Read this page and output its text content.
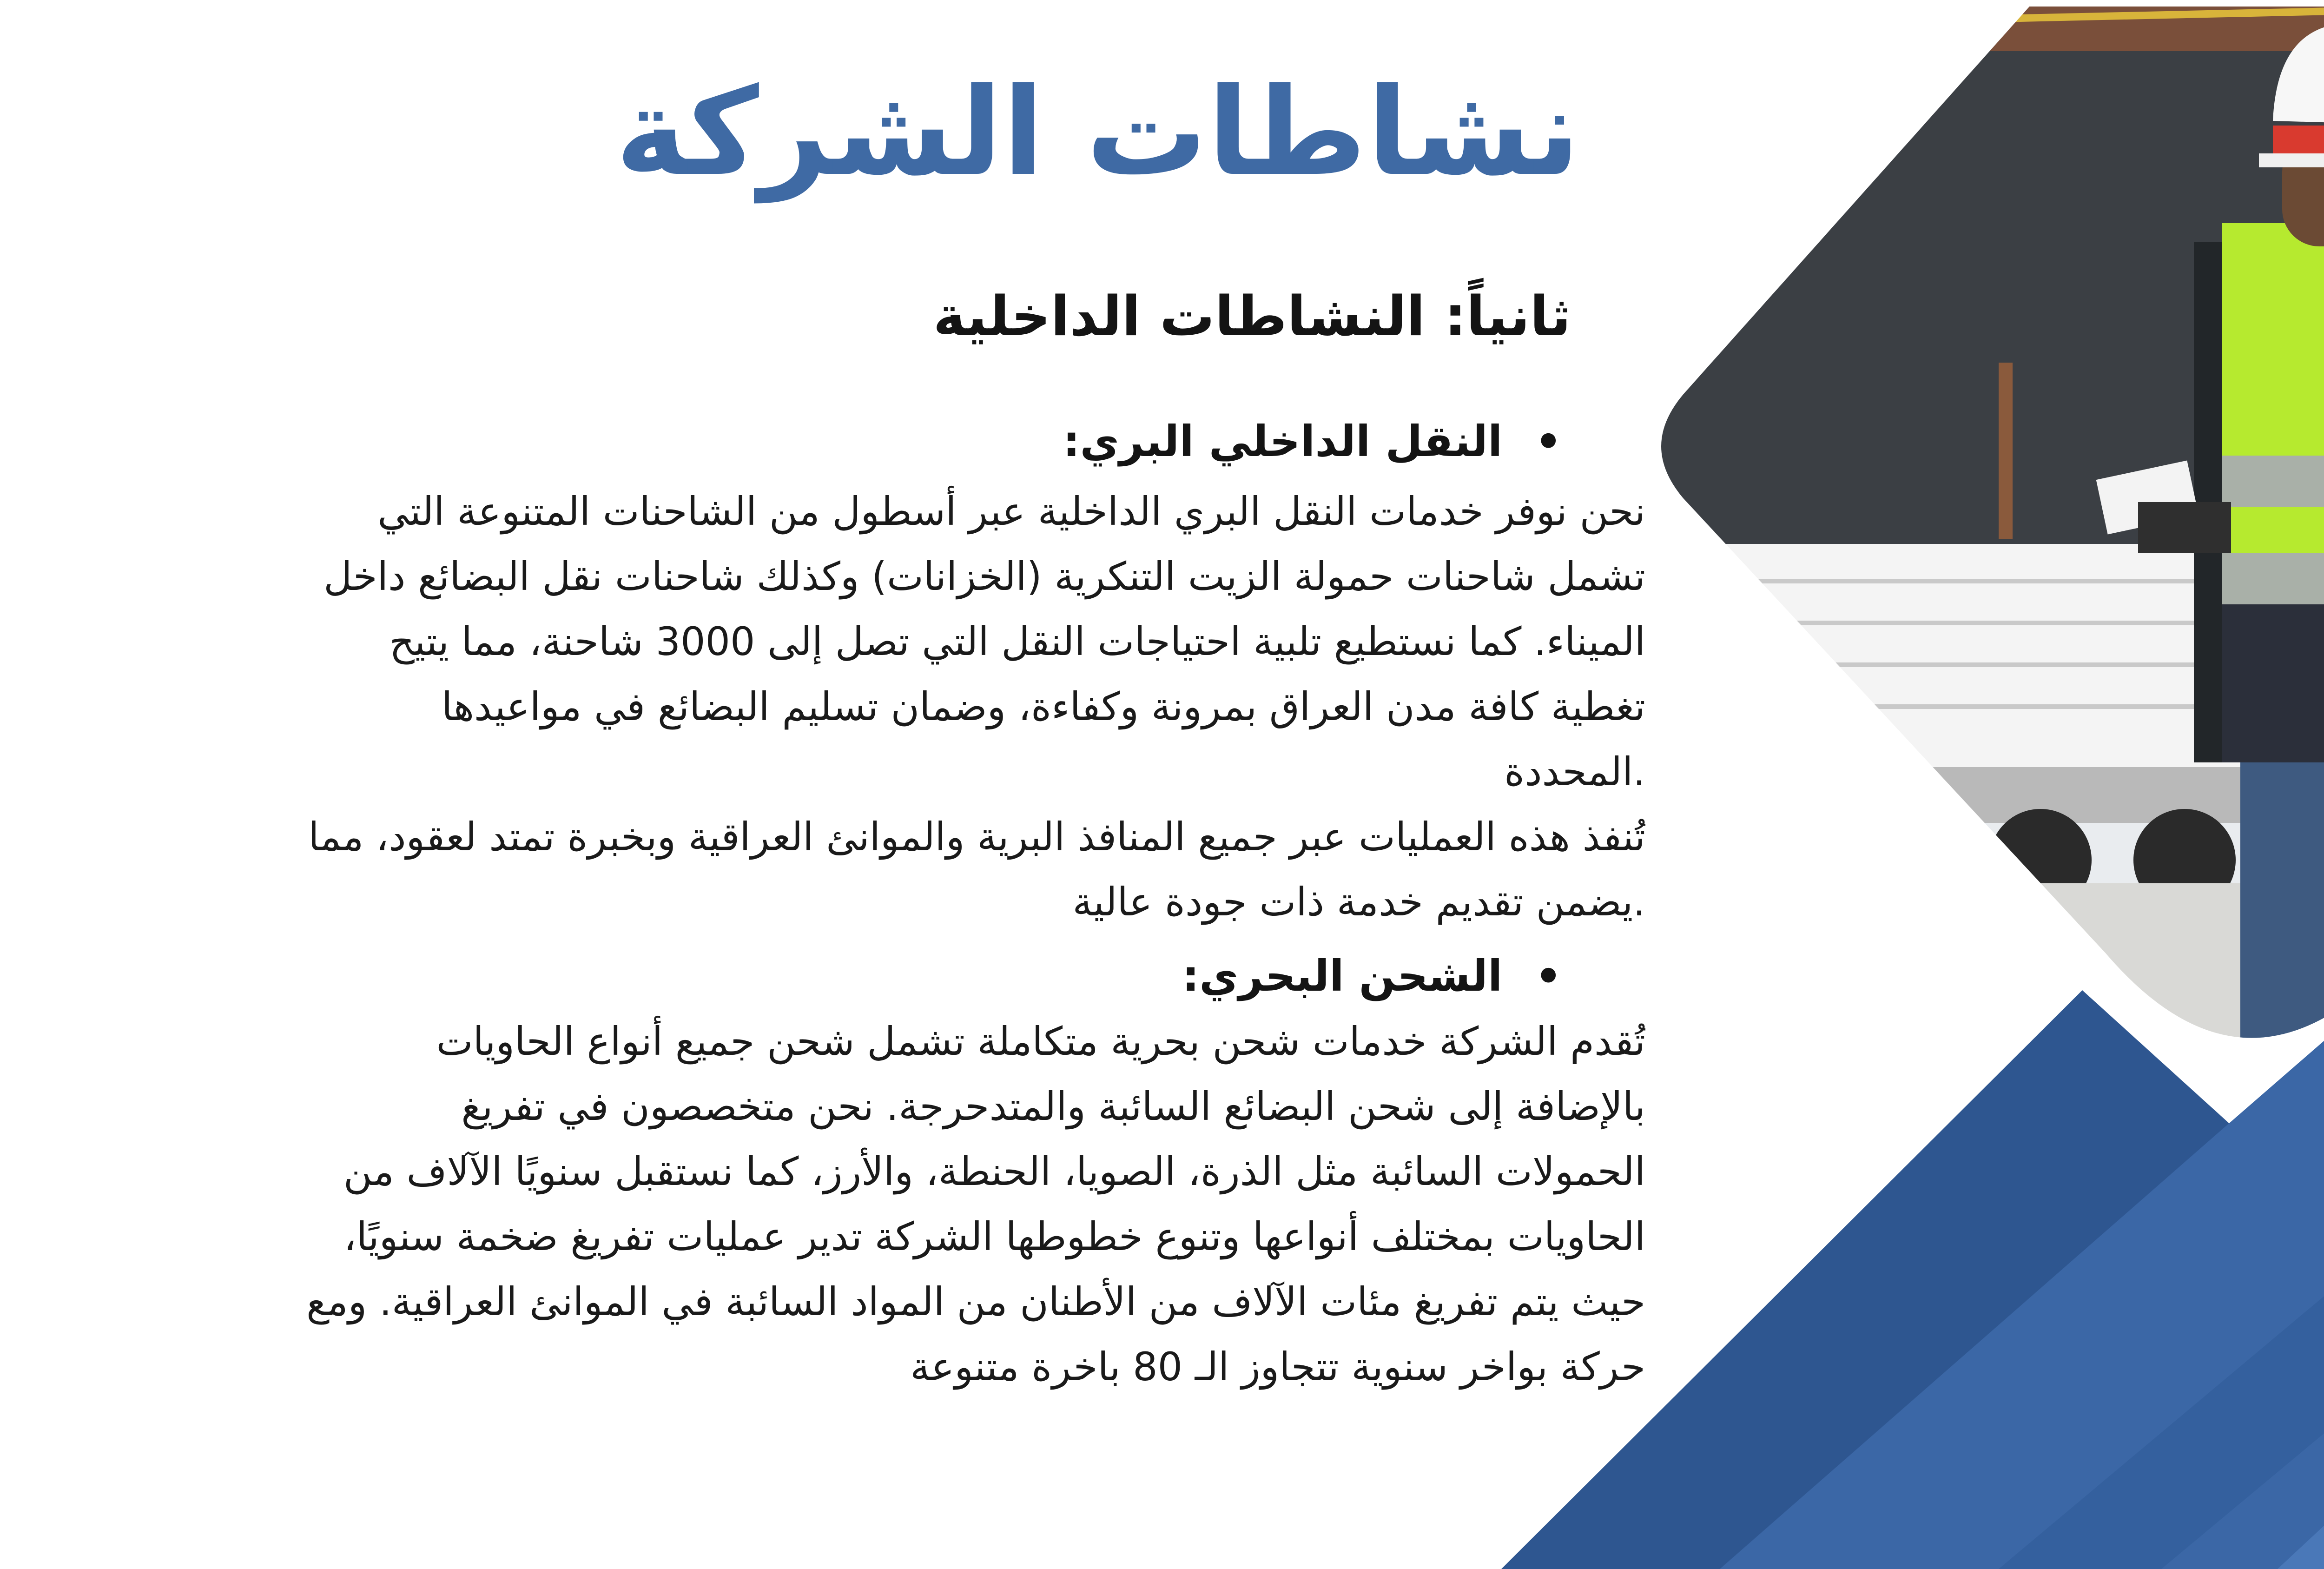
نشاطات الشركة
ثانياً: النشاطات الداخلية
• النقل الداخلي البري:
نحن نوفر خدمات النقل البري الداخلية عبر أسطول من الشاحنات المتنوعة التي
تشمل شاحنات حمولة الزيت التنكرية (الخزانات) وكذلك شاحنات نقل البضائع داخل
الميناء. كما نستطيع تلبية احتياجات النقل التي تصل إلى 3000 شاحنة، مما يتيح
تغطية كافة مدن العراق بمرونة وكفاءة، وضمان تسليم البضائع في مواعيدها
.المحددة
تُنفذ هذه العمليات عبر جميع المنافذ البرية والموانئ العراقية وبخبرة تمتد لعقود، مما
.يضمن تقديم خدمة ذات جودة عالية
• الشحن البحري:
تُقدم الشركة خدمات شحن بحرية متكاملة تشمل شحن جميع أنواع الحاويات
بالإضافة إلى شحن البضائع السائبة والمتدحرجة. نحن متخصصون في تفريغ
الحمولات السائبة مثل الذرة، الصويا، الحنطة، والأرز، كما نستقبل سنويًا الآلاف من
الحاويات بمختلف أنواعها وتنوع خطوطها الشركة تدير عمليات تفريغ ضخمة سنويًا،
حيث يتم تفريغ مئات الآلاف من الأطنان من المواد السائبة في الموانئ العراقية. ومع
حركة بواخر سنوية تتجاوز الـ 80 باخرة متنوعة
